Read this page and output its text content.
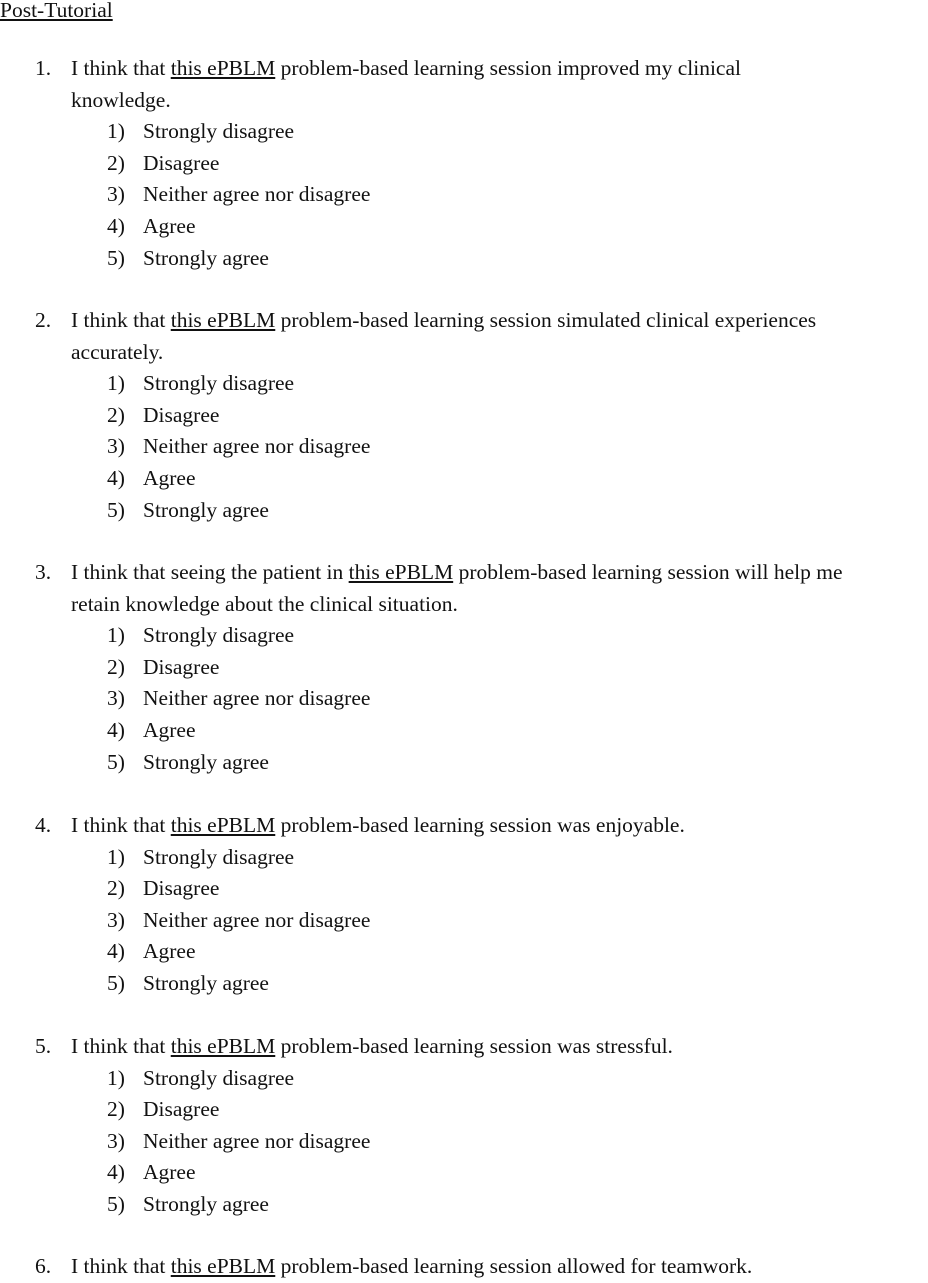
Post-Tutorial
1. I think that this ePBLM problem-based learning session improved my clinical
knowledge.
1) Strongly disagree
2) Disagree
3) Neither agree nor disagree
4) Agree
5) Strongly agree
2. I think that this ePBLM problem-based learning session simulated clinical experiences
accurately.
1) Strongly disagree
2) Disagree
3) Neither agree nor disagree
4) Agree
5) Strongly agree
3. I think that seeing the patient in this ePBLM problem-based learning session will help me
retain knowledge about the clinical situation.
1) Strongly disagree
2) Disagree
3) Neither agree nor disagree
4) Agree
5) Strongly agree
4. I think that this ePBLM problem-based learning session was enjoyable.
1) Strongly disagree
2) Disagree
3) Neither agree nor disagree
4) Agree
5) Strongly agree
5. I think that this ePBLM problem-based learning session was stressful.
1) Strongly disagree
2) Disagree
3) Neither agree nor disagree
4) Agree
5) Strongly agree
6. I think that this ePBLM problem-based learning session allowed for teamwork.
